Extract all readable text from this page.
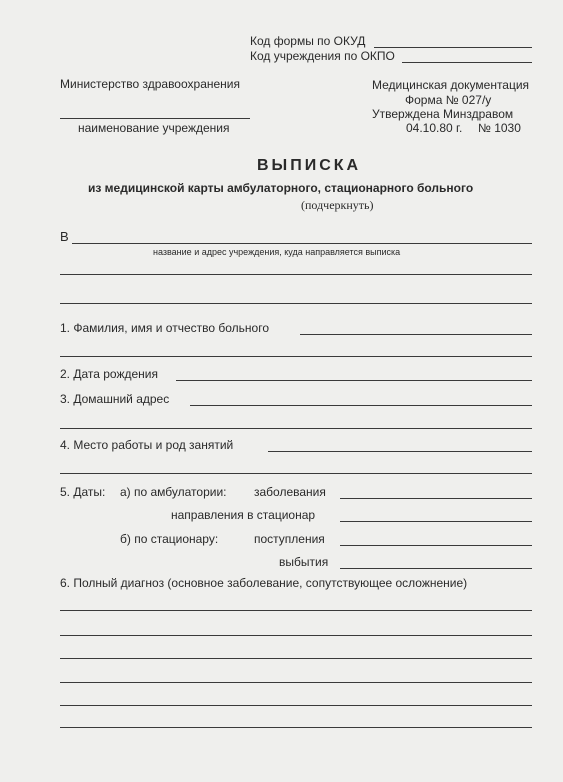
Код формы по ОКУД
Код учреждения по ОКПО
Министерство здравоохранения
наименование учреждения
Медицинская документация
Форма № 027/у
Утверждена Минздравом
04.10.80 г. № 1030
ВЫПИСКА
из медицинской карты амбулаторного, стационарного больного
(подчеркнуть)
В
название и адрес учреждения, куда направляется выписка
1. Фамилия, имя и отчество больного
2. Дата рождения
3. Домашний адрес
4. Место работы и род занятий
5. Даты: а) по амбулатории: заболевания
направления в стационар
б) по стационару:	поступления
выбытия
6. Полный диагноз (основное заболевание, сопутствующее осложнение)
